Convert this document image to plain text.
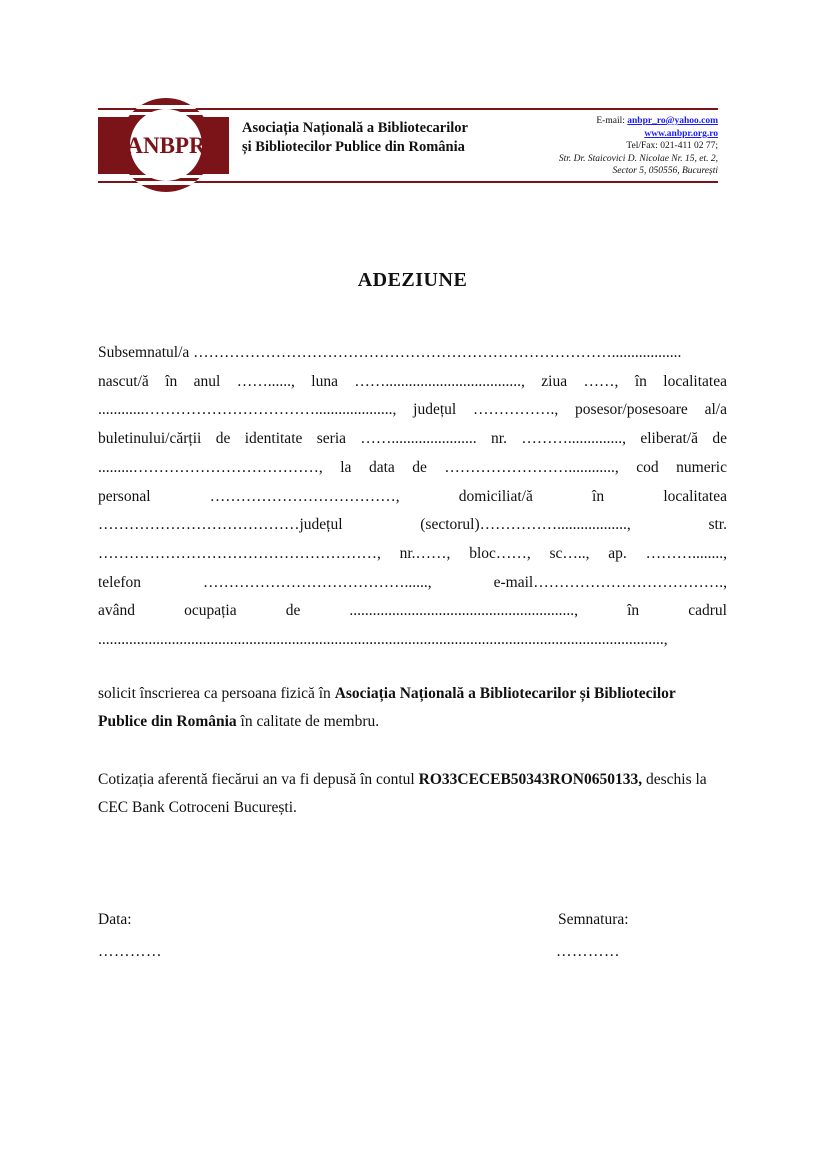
ANBPR
Asociația Națională a Bibliotecarilor
și Bibliotecilor Publice din România
E-mail: anbpr_ro@yahoo.com
www.anbpr.org.ro
Tel/Fax: 021-411 02 77;
Str. Dr. Staicovici D. Nicolae Nr. 15, et. 2,
Sector 5, 050556, București
ADEZIUNE
Subsemnatul/a ………………………………………………………………………..................
nascut/ă în anul ……......, luna ……..................................., ziua ……, în localitatea
............……………………………...................., județul ……………., posesor/posesoare al/a
buletinului/cărții de identitate seria ……...................... nr. ……….............., eliberat/ă de
.........………………………………, la data de ……………………............, cod numeric
personal	………………………………,	domiciliat/ă	în	localitatea
…………………………………județul	(sectorul)……………..................,	str.
………………………………………………, nr.……, bloc……, sc….., ap. ………........,
telefon	…………………………………......,	e-mail……………………………….,
având	ocupația	de	..........................................................,	în	cadrul
..................................................................................................................................................,
solicit înscrierea ca persoana fizică în Asociația Națională a Bibliotecarilor și Bibliotecilor Publice din România în calitate de membru.
Cotizația aferentă fiecărui an va fi depusă în contul RO33CECEB50343RON0650133, deschis la CEC Bank Cotroceni București.
Data:
…………
Semnatura:
…………
